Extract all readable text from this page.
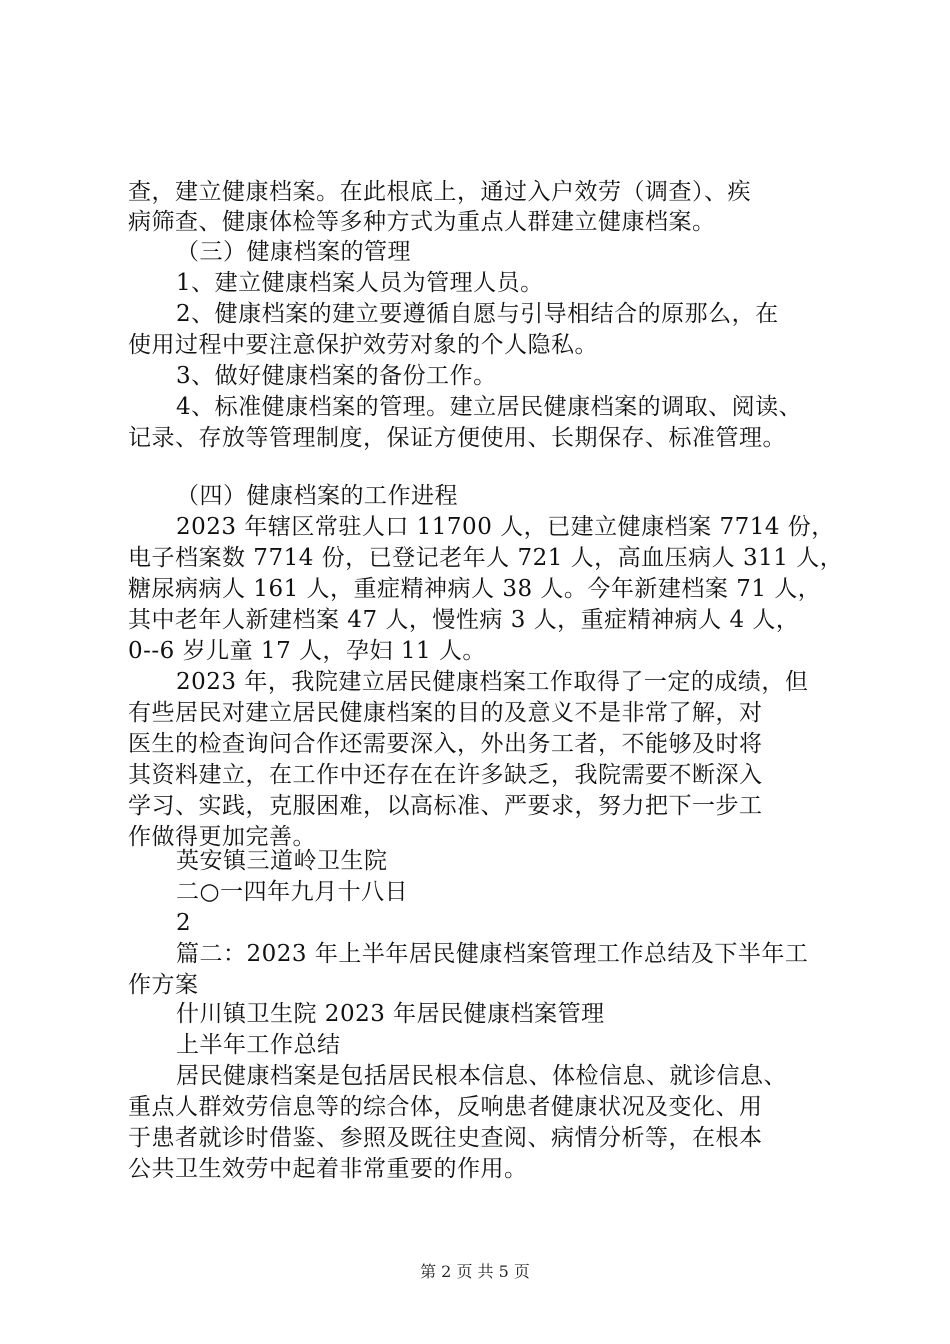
查，建立健康档案。在此根底上，通过入户效劳（调查）、疾
病筛查、健康体检等多种方式为重点人群建立健康档案。
（三）健康档案的管理
1、建立健康档案人员为管理人员。
2、健康档案的建立要遵循自愿与引导相结合的原那么，在
使用过程中要注意保护效劳对象的个人隐私。
3、做好健康档案的备份工作。
4、标准健康档案的管理。建立居民健康档案的调取、阅读、
记录、存放等管理制度，保证方便使用、长期保存、标准管理。
（四）健康档案的工作进程
2023 年辖区常驻人口 11700 人，已建立健康档案 7714 份，
电子档案数 7714 份，已登记老年人 721 人，高血压病人 311 人，
糖尿病病人 161 人，重症精神病人 38 人。今年新建档案 71 人，
其中老年人新建档案 47 人，慢性病 3 人，重症精神病人 4 人，
0--6 岁儿童 17 人，孕妇 11 人。
2023 年，我院建立居民健康档案工作取得了一定的成绩，但
有些居民对建立居民健康档案的目的及意义不是非常了解，对
医生的检查询问合作还需要深入，外出务工者，不能够及时将
其资料建立，在工作中还存在在许多缺乏，我院需要不断深入
学习、实践，克服困难，以高标准、严要求，努力把下一步工
作做得更加完善。
英安镇三道岭卫生院
二○一四年九月十八日
2
篇二：2023 年上半年居民健康档案管理工作总结及下半年工
作方案
什川镇卫生院 2023 年居民健康档案管理
上半年工作总结
居民健康档案是包括居民根本信息、体检信息、就诊信息、
重点人群效劳信息等的综合体，反响患者健康状况及变化、用
于患者就诊时借鉴、参照及既往史查阅、病情分析等，在根本
公共卫生效劳中起着非常重要的作用。
第 2 页 共 5 页
